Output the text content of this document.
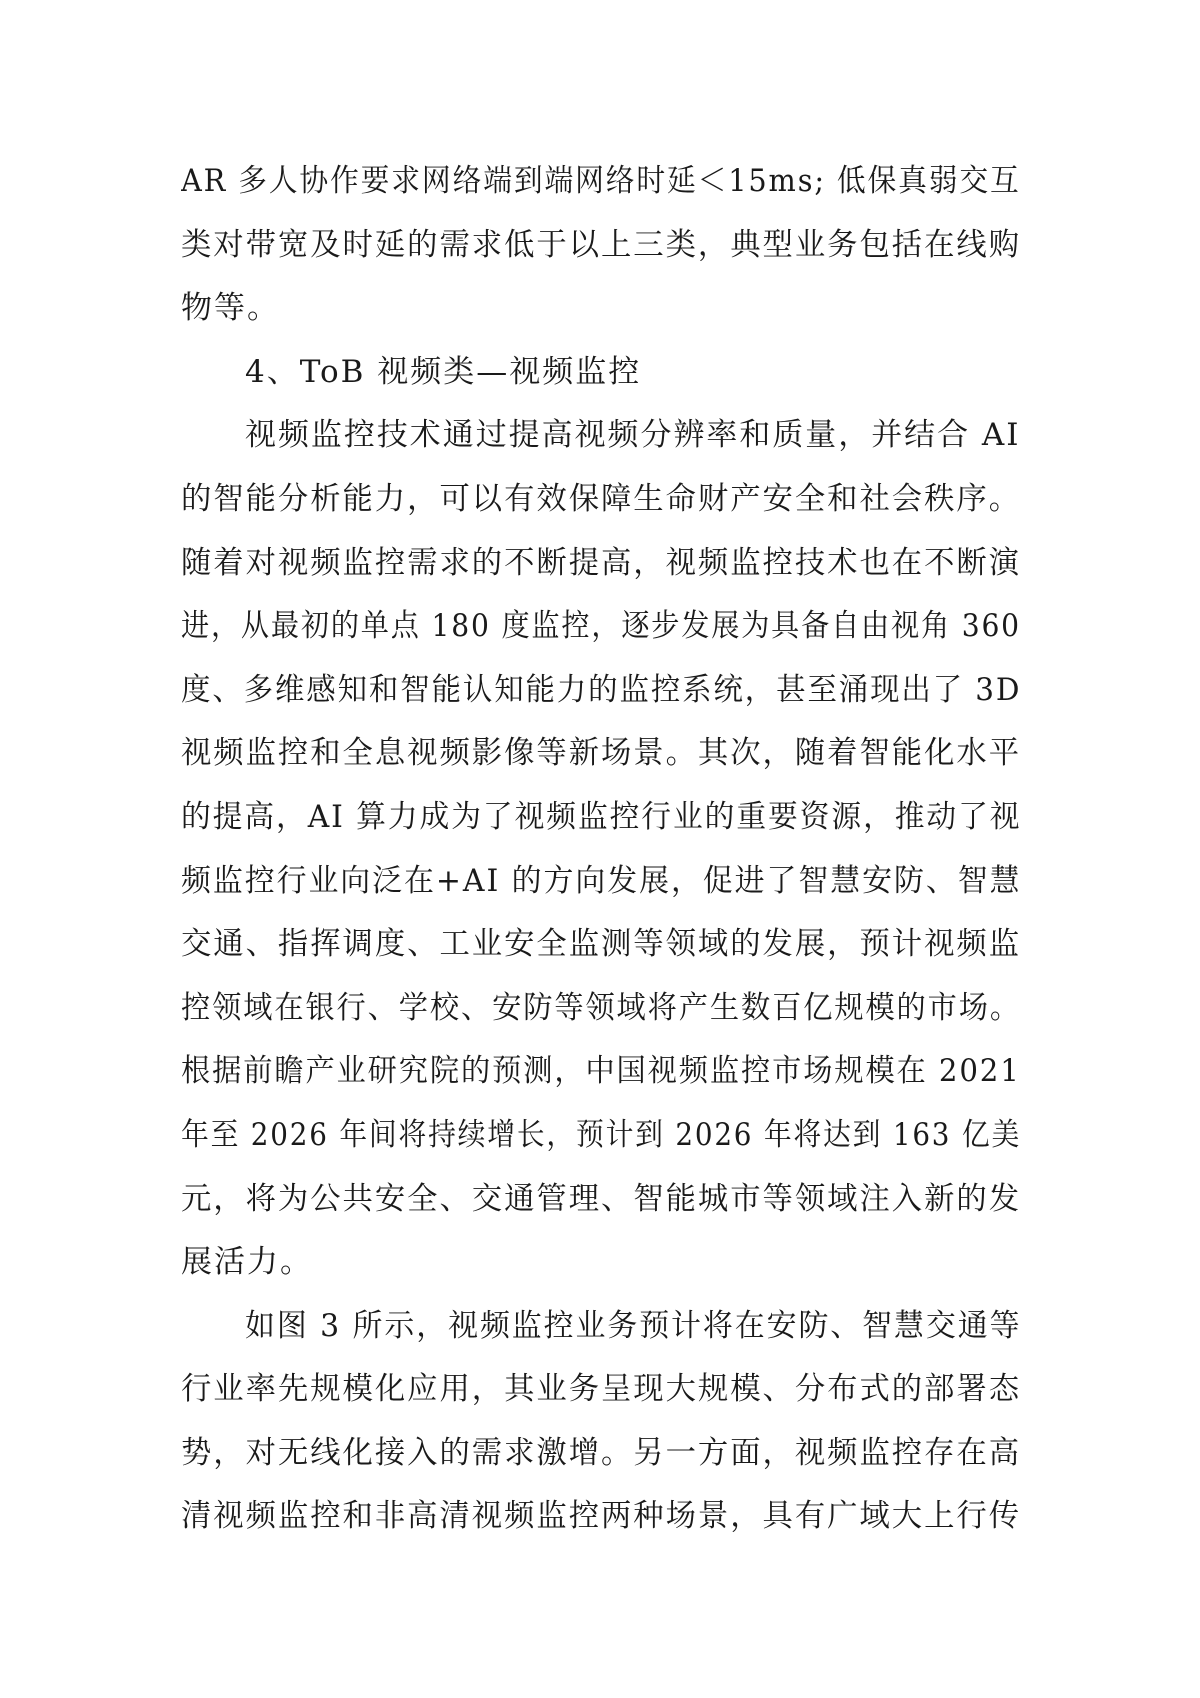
AR 多人协作要求网络端到端网络时延＜15ms; 低保真弱交互
类对带宽及时延的需求低于以上三类，典型业务包括在线购
物等。
4、ToB 视频类—视频监控
视频监控技术通过提高视频分辨率和质量，并结合 AI
的智能分析能力，可以有效保障生命财产安全和社会秩序。
随着对视频监控需求的不断提高，视频监控技术也在不断演
进，从最初的单点 180 度监控，逐步发展为具备自由视角 360
度、多维感知和智能认知能力的监控系统，甚至涌现出了 3D
视频监控和全息视频影像等新场景。其次，随着智能化水平
的提高，AI 算力成为了视频监控行业的重要资源，推动了视
频监控行业向泛在+AI 的方向发展，促进了智慧安防、智慧
交通、指挥调度、工业安全监测等领域的发展，预计视频监
控领域在银行、学校、安防等领域将产生数百亿规模的市场。
根据前瞻产业研究院的预测，中国视频监控市场规模在 2021
年至 2026 年间将持续增长，预计到 2026 年将达到 163 亿美
元，将为公共安全、交通管理、智能城市等领域注入新的发
展活力。
如图 3 所示，视频监控业务预计将在安防、智慧交通等
行业率先规模化应用，其业务呈现大规模、分布式的部署态
势，对无线化接入的需求激增。另一方面，视频监控存在高
清视频监控和非高清视频监控两种场景，具有广域大上行传
